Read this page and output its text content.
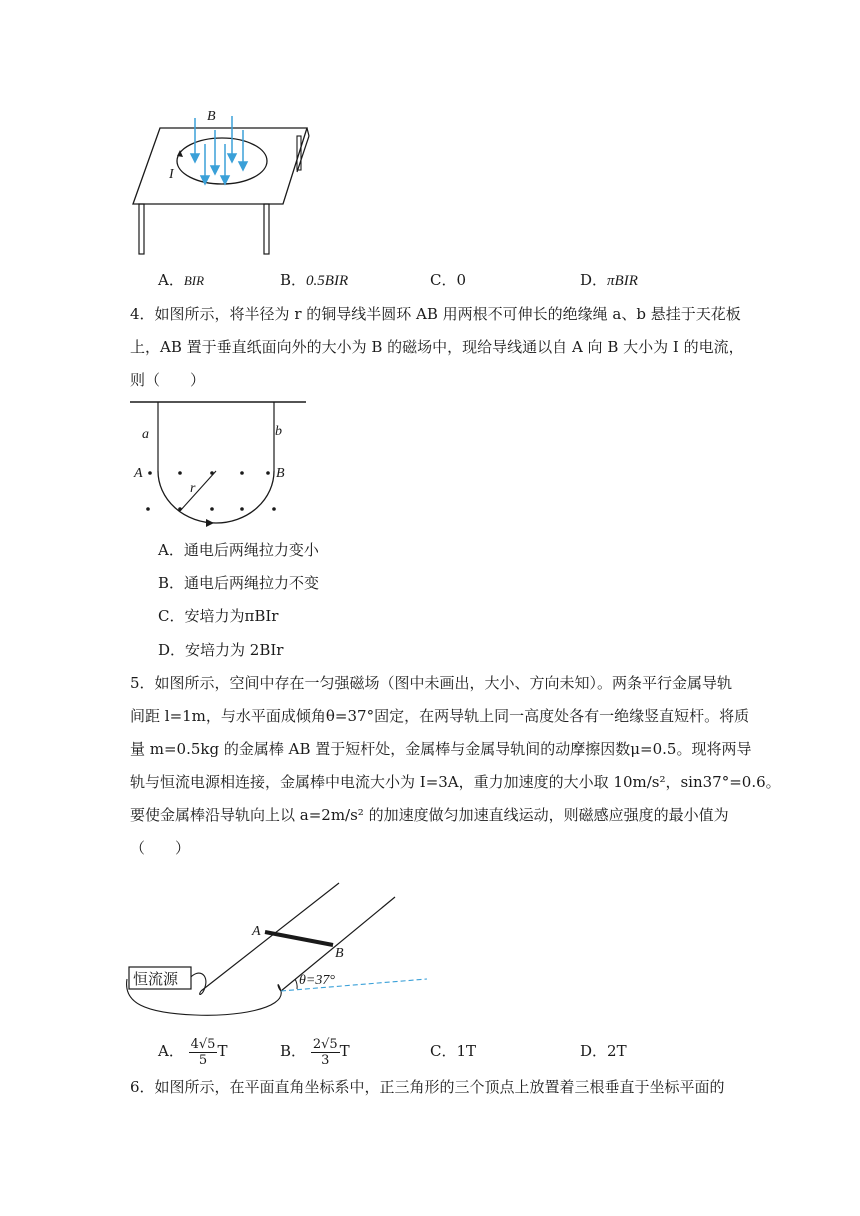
B
I
A．BIR	B．0.5BIR	C．0	D．πBIR
4．如图所示，将半径为 r 的铜导线半圆环 AB 用两根不可伸长的绝缘绳 a、b 悬挂于天花板
上，AB 置于垂直纸面向外的大小为 B 的磁场中，现给导线通以自 A 向 B 大小为 I 的电流，
则（　　）
a	b
A	B
r
A．通电后两绳拉力变小
B．通电后两绳拉力不变
C．安培力为πBIr
D．安培力为 2BIr
5．如图所示，空间中存在一匀强磁场（图中未画出，大小、方向未知）。两条平行金属导轨
间距 l=1m，与水平面成倾角θ=37°固定，在两导轨上同一高度处各有一绝缘竖直短杆。将质
量 m=0.5kg 的金属棒 AB 置于短杆处，金属棒与金属导轨间的动摩擦因数μ=0.5。现将两导
轨与恒流电源相连接，金属棒中电流大小为 I=3A，重力加速度的大小取 10m/s²，sin37°=0.6。
要使金属棒沿导轨向上以 a=2m/s² 的加速度做匀加速直线运动，则磁感应强度的最小值为
（　　）
恒流源
A
B
θ=37°
A． $\frac{4√5}{5}$ T	B． $\frac{2√5}{3}$ T	C．1T	D．2T
6．如图所示，在平面直角坐标系中，正三角形的三个顶点上放置着三根垂直于坐标平面的
